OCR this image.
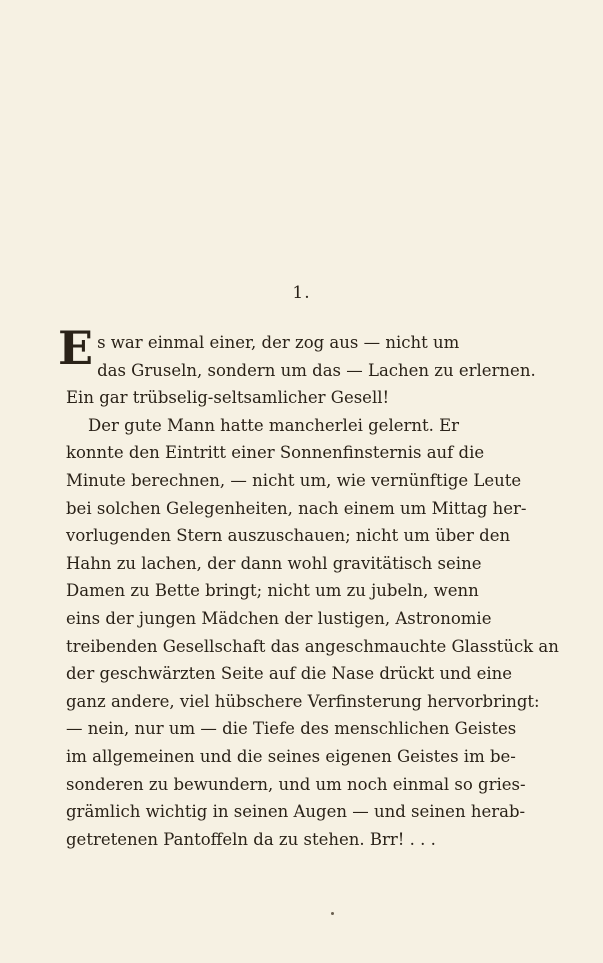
1.
Es war einmal einer, der zog aus — nicht um
das Gruseln, sondern um das — Lachen zu erlernen.
Ein gar trübselig-seltsamlicher Gesell!
Der gute Mann hatte mancherlei gelernt. Er
konnte den Eintritt einer Sonnenfinsternis auf die
Minute berechnen, — nicht um, wie vernünftige Leute
bei solchen Gelegenheiten, nach einem um Mittag her-
vorlugenden Stern auszuschauen; nicht um über den
Hahn zu lachen, der dann wohl gravitätisch seine
Damen zu Bette bringt; nicht um zu jubeln, wenn
eins der jungen Mädchen der lustigen, Astronomie
treibenden Gesellschaft das angeschmauchte Glasstück an
der geschwärzten Seite auf die Nase drückt und eine
ganz andere, viel hübschere Verfinsterung hervorbringt:
— nein, nur um — die Tiefe des menschlichen Geistes
im allgemeinen und die seines eigenen Geistes im be-
sonderen zu bewundern, und um noch einmal so gries-
grämlich wichtig in seinen Augen — und seinen herab-
getretenen Pantoffeln da zu stehen. Brr! . . .
